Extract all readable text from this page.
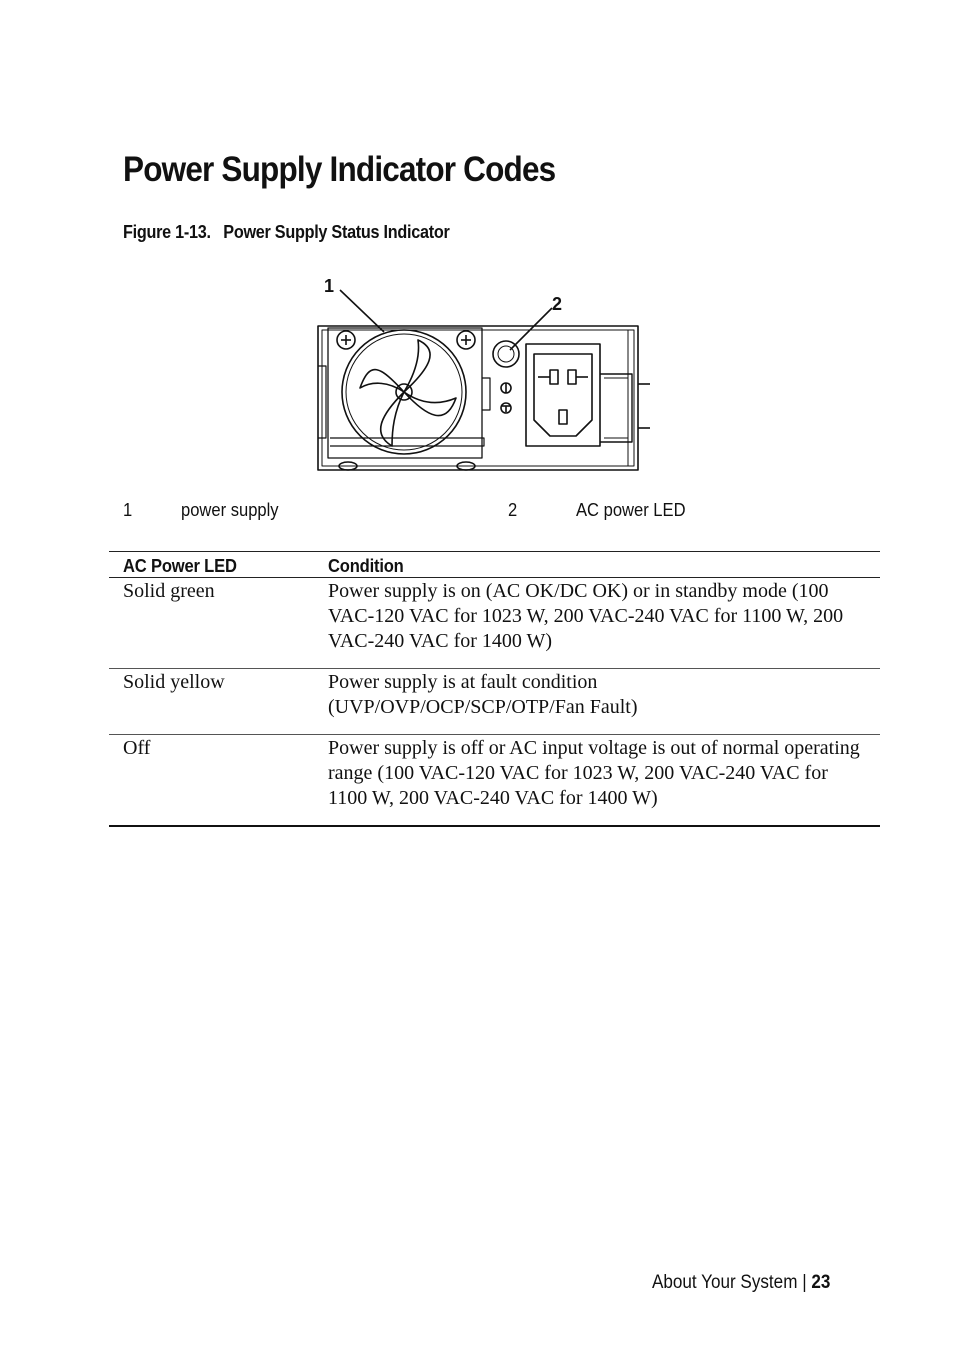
Power Supply Indicator Codes

Figure 1-13. Power Supply Status Indicator

1
2
1	power supply	2	AC power LED
AC Power LED	Condition
Solid green	Power supply is on (AC OK/DC OK) or in standby mode (100 VAC-120 VAC for 1023 W, 200 VAC-240 VAC for 1100 W, 200 VAC-240 VAC for 1400 W)
Solid yellow	Power supply is at fault condition (UVP/OVP/OCP/SCP/OTP/Fan Fault)
Off	Power supply is off or AC input voltage is out of normal operating range (100 VAC-120 VAC for 1023 W, 200 VAC-240 VAC for 1100 W, 200 VAC-240 VAC for 1400 W)
About Your System | 23
